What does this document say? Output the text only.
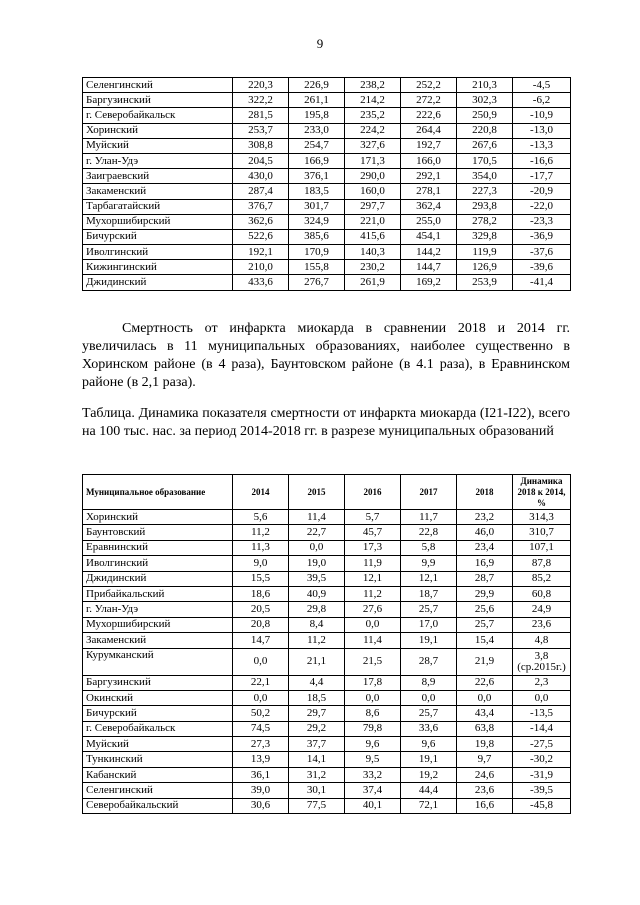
9
Селенгинский	220,3	226,9	238,2	252,2	210,3	-4,5
Баргузинский	322,2	261,1	214,2	272,2	302,3	-6,2
г. Северобайкальск	281,5	195,8	235,2	222,6	250,9	-10,9
Хоринский	253,7	233,0	224,2	264,4	220,8	-13,0
Муйский	308,8	254,7	327,6	192,7	267,6	-13,3
г. Улан-Удэ	204,5	166,9	171,3	166,0	170,5	-16,6
Заиграевский	430,0	376,1	290,0	292,1	354,0	-17,7
Закаменский	287,4	183,5	160,0	278,1	227,3	-20,9
Тарбагатайский	376,7	301,7	297,7	362,4	293,8	-22,0
Мухоршибирский	362,6	324,9	221,0	255,0	278,2	-23,3
Бичурский	522,6	385,6	415,6	454,1	329,8	-36,9
Иволгинский	192,1	170,9	140,3	144,2	119,9	-37,6
Кижингинский	210,0	155,8	230,2	144,7	126,9	-39,6
Джидинский	433,6	276,7	261,9	169,2	253,9	-41,4

Смертность от инфаркта миокарда в сравнении 2018 и 2014 гг. увеличилась в 11 муниципальных образованиях, наиболее существенно в Хоринском районе (в 4 раза), Баунтовском районе (в 4.1 раза), в Еравнинском районе (в 2,1 раза).

Таблица. Динамика показателя смертности от инфаркта миокарда (I21-I22), всего на 100 тыс. нас. за период 2014-2018 гг. в разрезе муниципальных образований

Муниципальное образование	2014	2015	2016	2017	2018	Динамика 2018 к 2014, %
Хоринский	5,6	11,4	5,7	11,7	23,2	314,3
Баунтовский	11,2	22,7	45,7	22,8	46,0	310,7
Еравнинский	11,3	0,0	17,3	5,8	23,4	107,1
Иволгинский	9,0	19,0	11,9	9,9	16,9	87,8
Джидинский	15,5	39,5	12,1	12,1	28,7	85,2
Прибайкальский	18,6	40,9	11,2	18,7	29,9	60,8
г. Улан-Удэ	20,5	29,8	27,6	25,7	25,6	24,9
Мухоршибирский	20,8	8,4	0,0	17,0	25,7	23,6
Закаменский	14,7	11,2	11,4	19,1	15,4	4,8
Курумканский	0,0	21,1	21,5	28,7	21,9	3,8 (ср.2015г.)
Баргузинский	22,1	4,4	17,8	8,9	22,6	2,3
Окинский	0,0	18,5	0,0	0,0	0,0	0,0
Бичурский	50,2	29,7	8,6	25,7	43,4	-13,5
г. Северобайкальск	74,5	29,2	79,8	33,6	63,8	-14,4
Муйский	27,3	37,7	9,6	9,6	19,8	-27,5
Тункинский	13,9	14,1	9,5	19,1	9,7	-30,2
Кабанский	36,1	31,2	33,2	19,2	24,6	-31,9
Селенгинский	39,0	30,1	37,4	44,4	23,6	-39,5
Северобайкальский	30,6	77,5	40,1	72,1	16,6	-45,8
